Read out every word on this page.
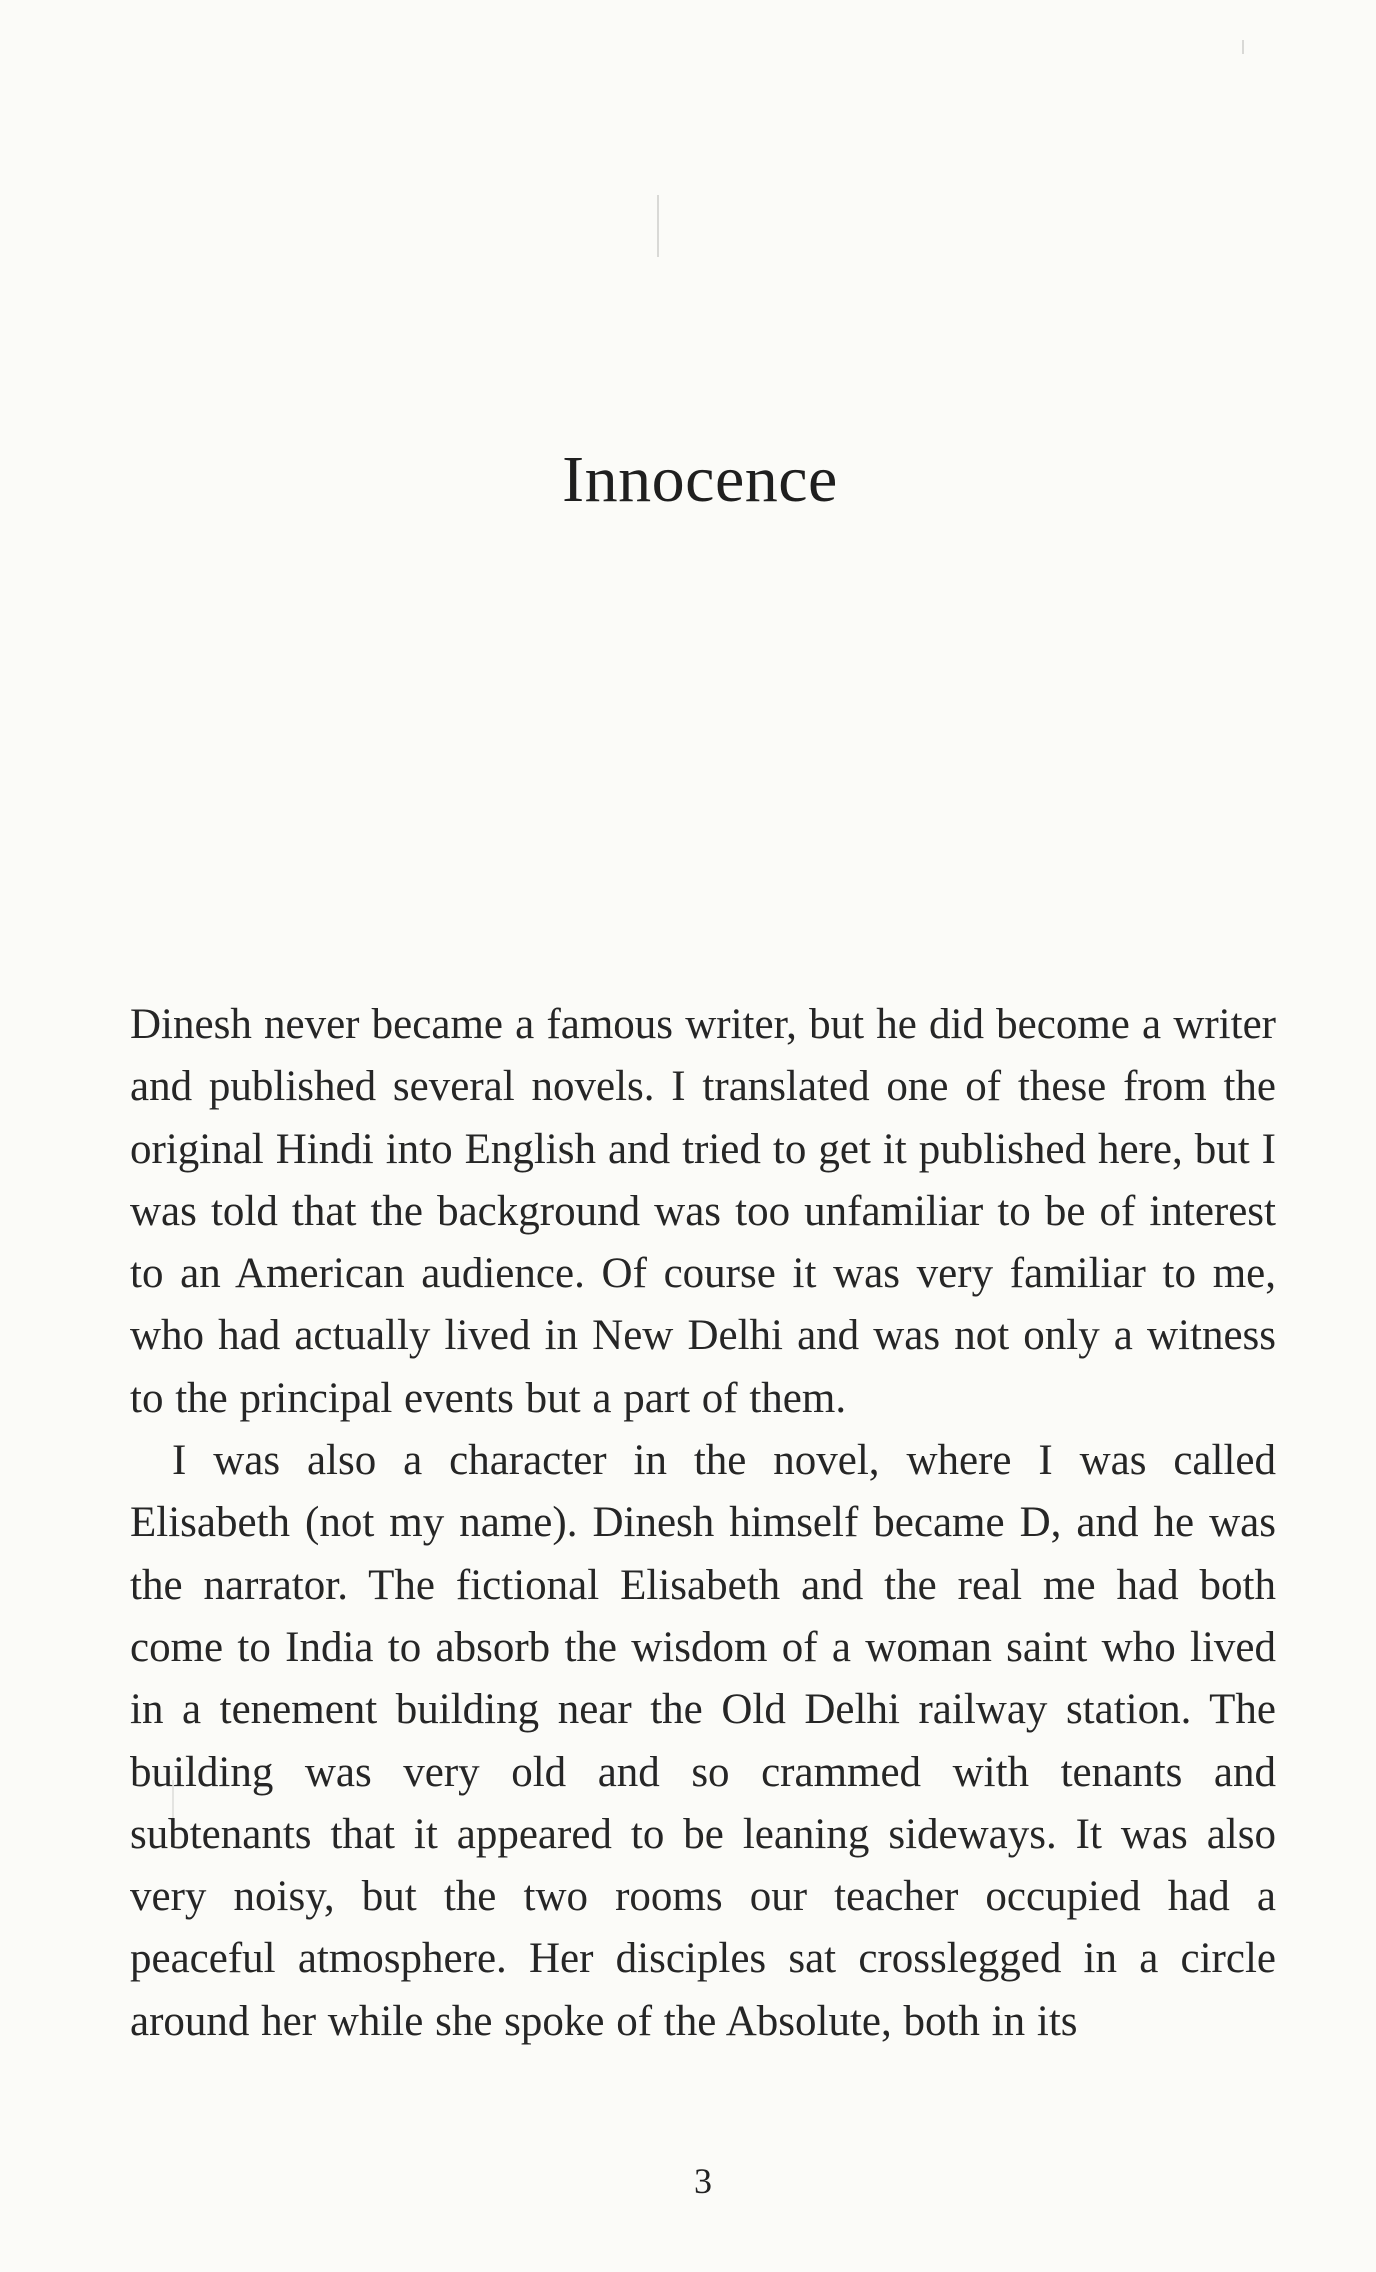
Innocence

Dinesh never became a famous writer, but he did become a writer and published several novels. I translated one of these from the original Hindi into English and tried to get it published here, but I was told that the background was too unfamiliar to be of interest to an American audience. Of course it was very familiar to me, who had actually lived in New Delhi and was not only a witness to the principal events but a part of them.

I was also a character in the novel, where I was called Elisabeth (not my name). Dinesh himself became D, and he was the narrator. The fictional Elisabeth and the real me had both come to India to absorb the wisdom of a woman saint who lived in a tenement building near the Old Delhi railway station. The building was very old and so crammed with tenants and subtenants that it appeared to be leaning sideways. It was also very noisy, but the two rooms our teacher occupied had a peaceful atmosphere. Her disciples sat crosslegged in a circle around her while she spoke of the Absolute, both in its

3
